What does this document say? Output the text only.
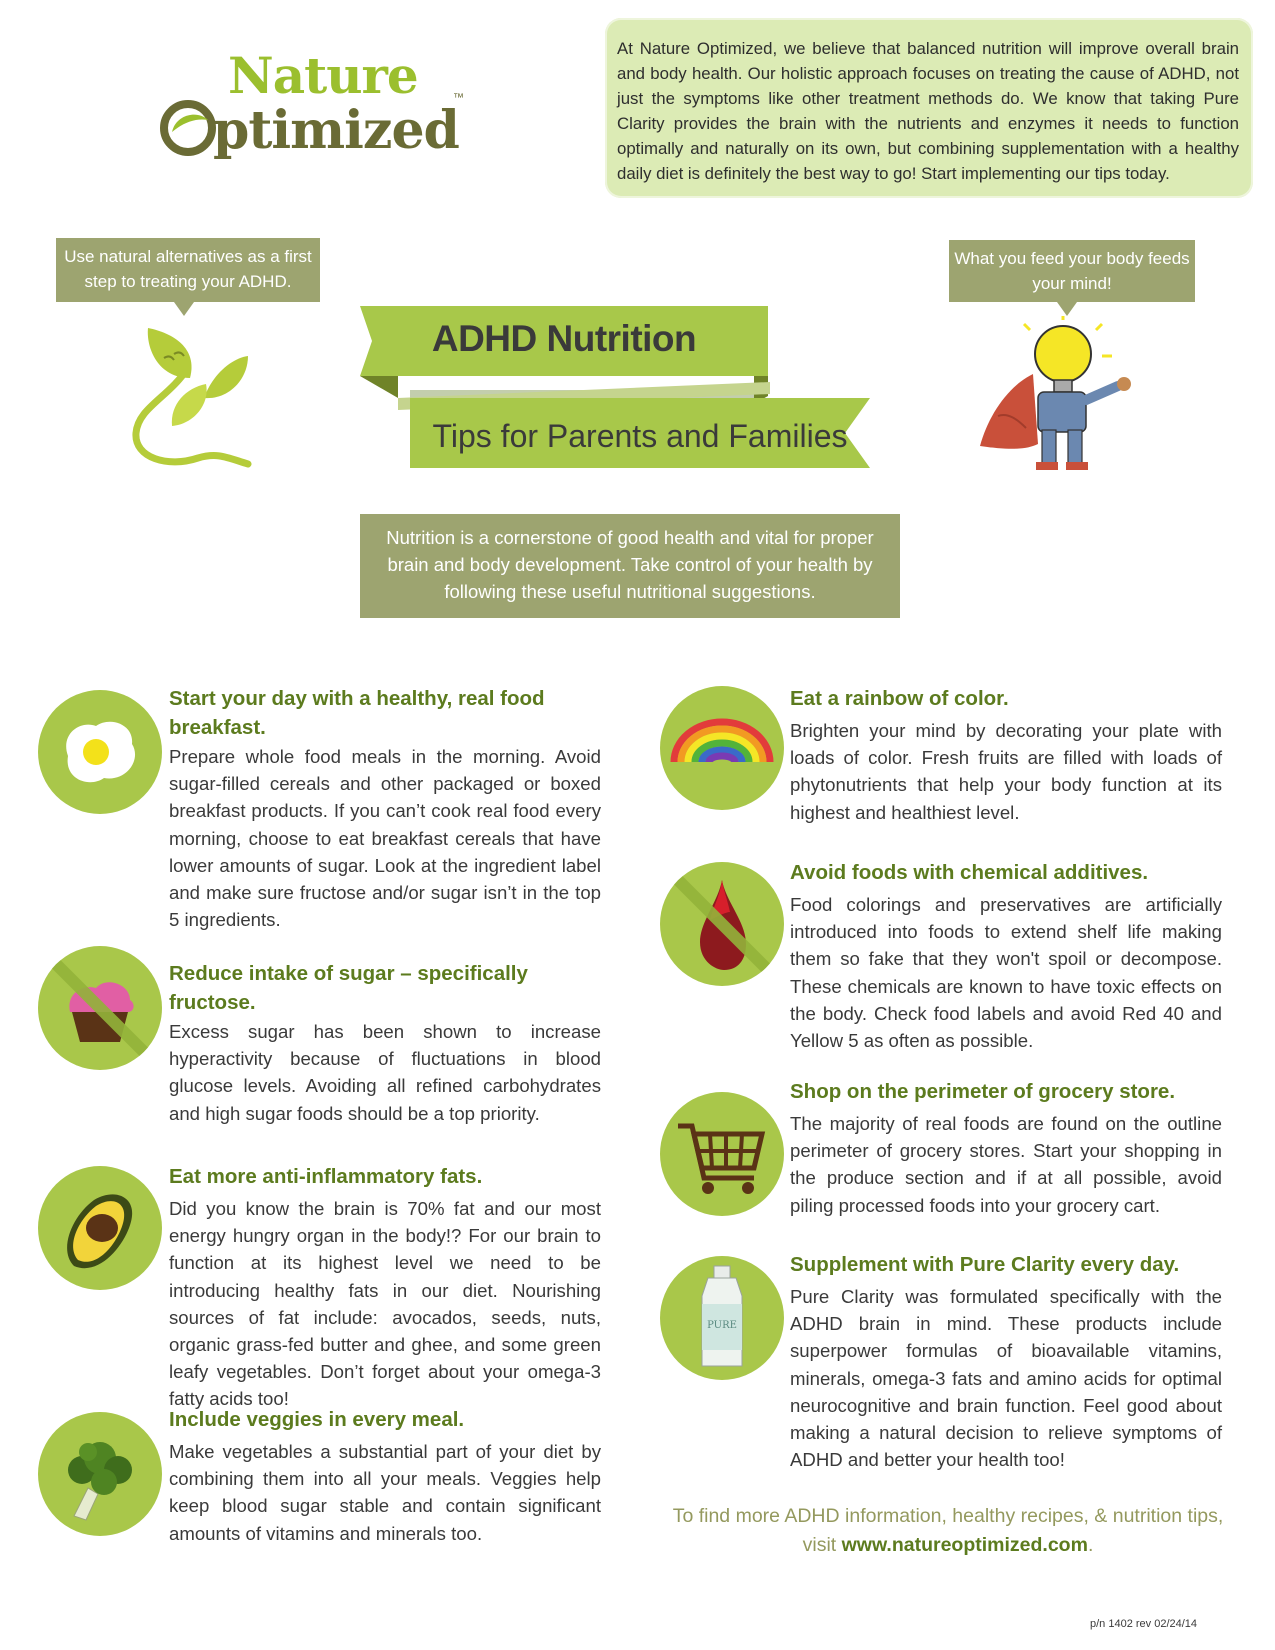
Nature
ptimized
™

At Nature Optimized, we believe that balanced nutrition will improve overall brain and body health. Our holistic approach focuses on treating the cause of ADHD, not just the symptoms like other treatment methods do. We know that taking Pure Clarity provides the brain with the nutrients and enzymes it needs to function optimally and naturally on its own, but combining supplementation with a healthy daily diet is definitely the best way to go! Start implementing our tips today.

Use natural alternatives as a first step to treating your ADHD.
What you feed your body feeds your mind!
ADHD Nutrition
Tips for Parents and Families
Nutrition is a cornerstone of good health and vital for proper brain and body development. Take control of your health by following these useful nutritional suggestions.
Start your day with a healthy, real food breakfast.
Prepare whole food meals in the morning. Avoid sugar-filled cereals and other packaged or boxed breakfast products. If you can’t cook real food every morning, choose to eat breakfast cereals that have lower amounts of sugar. Look at the ingredient label and make sure fructose and/or sugar isn’t in the top 5 ingredients.
Reduce intake of sugar – specifically fructose.
Excess sugar has been shown to increase hyperactivity because of fluctuations in blood glucose levels. Avoiding all refined carbohydrates and high sugar foods should be a top priority.
Eat more anti-inflammatory fats.
Did you know the brain is 70% fat and our most energy hungry organ in the body!? For our brain to function at its highest level we need to be introducing healthy fats in our diet. Nourishing sources of fat include: avocados, seeds, nuts, organic grass-fed butter and ghee, and some green leafy vegetables. Don’t forget about your omega-3 fatty acids too!
Include veggies in every meal.
Make vegetables a substantial part of your diet by combining them into all your meals. Veggies help keep blood sugar stable and contain significant amounts of vitamins and minerals too.
Eat a rainbow of color.
Brighten your mind by decorating your plate with loads of color. Fresh fruits are filled with loads of phytonutrients that help your body function at its highest and healthiest level.
Avoid foods with chemical additives.
Food colorings and preservatives are artificially introduced into foods to extend shelf life making them so fake that they won't spoil or decompose. These chemicals are known to have toxic effects on the body. Check food labels and avoid Red 40 and Yellow 5 as often as possible.
Shop on the perimeter of grocery store.
The majority of real foods are found on the outline perimeter of grocery stores. Start your shopping in the produce section and if at all possible, avoid piling processed foods into your grocery cart.
PURE
Supplement with Pure Clarity every day.
Pure Clarity was formulated specifically with the ADHD brain in mind. These products include superpower formulas of bioavailable vitamins, minerals, omega-3 fats and amino acids for optimal neurocognitive and brain function. Feel good about making a natural decision to relieve symptoms of ADHD and better your health too!
To find more ADHD information, healthy recipes, & nutrition tips,
visit www.natureoptimized.com.
p/n 1402 rev 02/24/14
